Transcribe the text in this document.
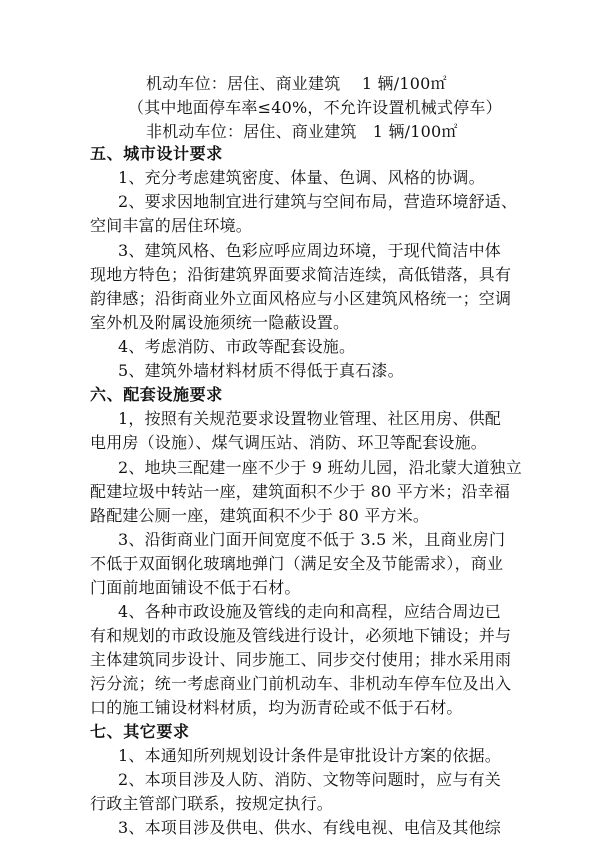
机动车位：居住、商业建筑　 1 辆/100㎡
（其中地面停车率≤40%，不允许设置机械式停车）
非机动车位：居住、商业建筑　1 辆/100㎡
五、城市设计要求
1、充分考虑建筑密度、体量、色调、风格的协调。
2、要求因地制宜进行建筑与空间布局，营造环境舒适、
空间丰富的居住环境。
3、建筑风格、色彩应呼应周边环境，于现代简洁中体
现地方特色；沿街建筑界面要求简洁连续，高低错落，具有
韵律感；沿街商业外立面风格应与小区建筑风格统一；空调
室外机及附属设施须统一隐蔽设置。
4、考虑消防、市政等配套设施。
5、建筑外墙材料材质不得低于真石漆。
六、配套设施要求
1，按照有关规范要求设置物业管理、社区用房、供配
电用房（设施）、煤气调压站、消防、环卫等配套设施。
2、地块三配建一座不少于 9 班幼儿园，沿北蒙大道独立
配建垃圾中转站一座，建筑面积不少于 80 平方米；沿幸福
路配建公厕一座，建筑面积不少于 80 平方米。
3、沿街商业门面开间宽度不低于 3.5 米，且商业房门
不低于双面钢化玻璃地弹门（满足安全及节能需求），商业
门面前地面铺设不低于石材。
4、各种市政设施及管线的走向和高程，应结合周边已
有和规划的市政设施及管线进行设计，必须地下铺设；并与
主体建筑同步设计、同步施工、同步交付使用；排水采用雨
污分流；统一考虑商业门前机动车、非机动车停车位及出入
口的施工铺设材料材质，均为沥青砼或不低于石材。
七、其它要求
1、本通知所列规划设计条件是审批设计方案的依据。
2、本项目涉及人防、消防、文物等问题时，应与有关
行政主管部门联系，按规定执行。
3、本项目涉及供电、供水、有线电视、电信及其他综
